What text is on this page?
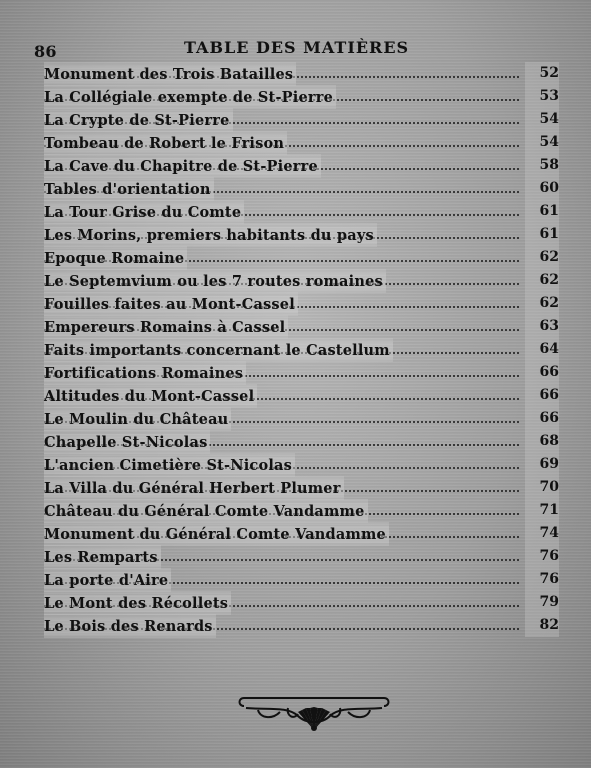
86	TABLE DES MATIÈRES
Monument des Trois Batailles	52
La Collégiale exempte de St-Pierre	53
La Crypte de St-Pierre	54
Tombeau de Robert le Frison	54
La Cave du Chapitre de St-Pierre	58
Tables d'orientation	60
La Tour Grise du Comte	61
Les Morins, premiers habitants du pays	61
Epoque Romaine	62
Le Septemvium ou les 7 routes romaines	62
Fouilles faites au Mont-Cassel	62
Empereurs Romains à Cassel	63
Faits importants concernant le Castellum	64
Fortifications Romaines	66
Altitudes du Mont-Cassel	66
Le Moulin du Château	66
Chapelle St-Nicolas	68
L'ancien Cimetière St-Nicolas	69
La Villa du Général Herbert Plumer	70
Château du Général Comte Vandamme	71
Monument du Général Comte Vandamme	74
Les Remparts	76
La porte d'Aire	76
Le Mont des Récollets	79
Le Bois des Renards	82
